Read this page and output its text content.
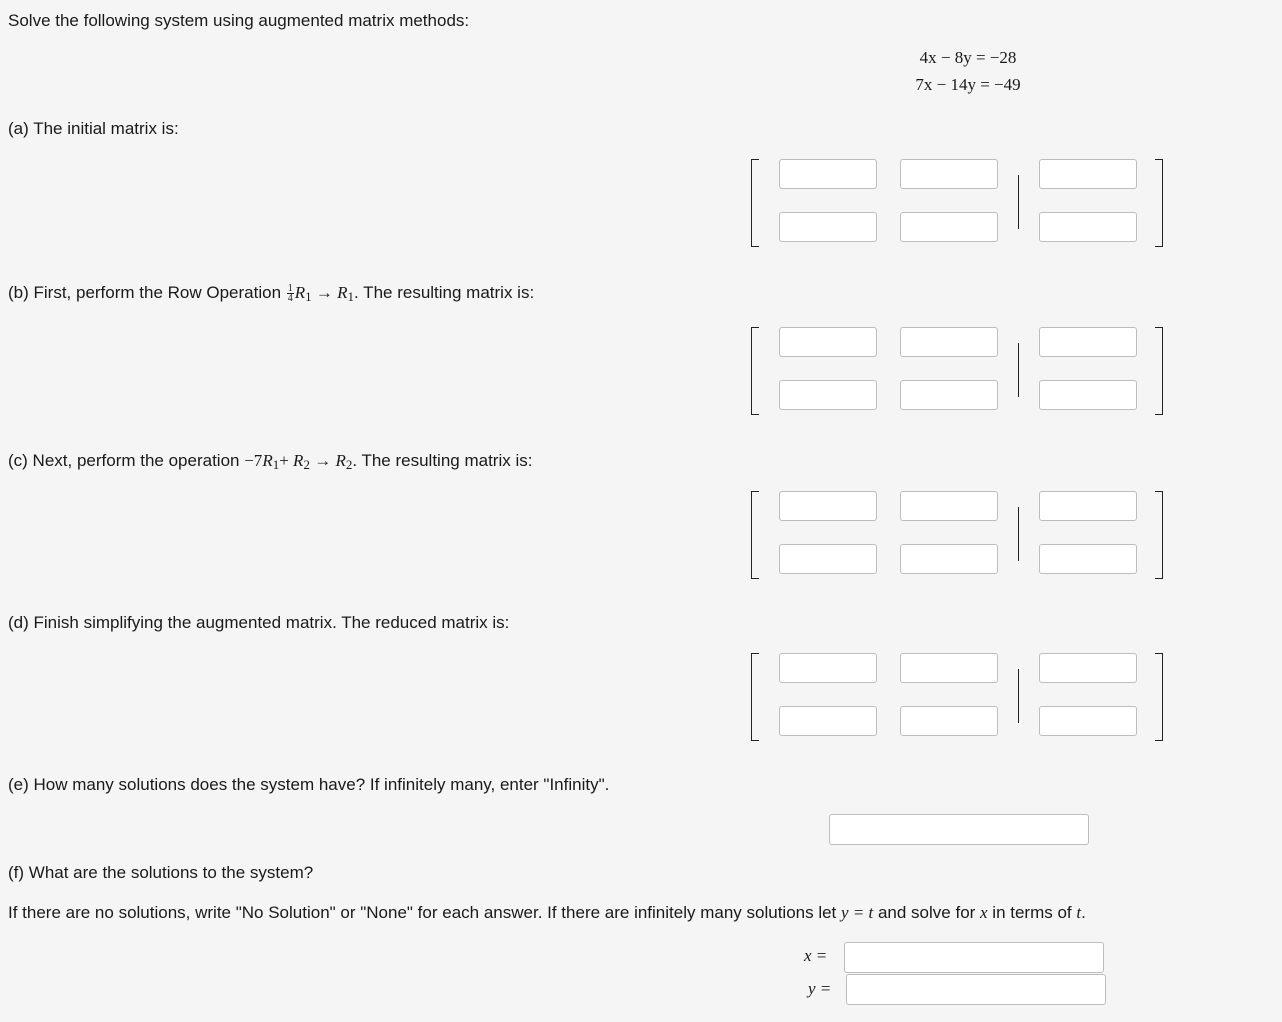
Solve the following system using augmented matrix methods:
4x − 8y = −28
7x − 14y = −49
(a) The initial matrix is:
(b) First, perform the Row Operation $\frac{1}{4} R1 \to R1$. The resulting matrix is:
(c) Next, perform the operation −7R1+ R2 → R2. The resulting matrix is:
(d) Finish simplifying the augmented matrix. The reduced matrix is:
(e) How many solutions does the system have? If infinitely many, enter "Infinity".
(f) What are the solutions to the system?
If there are no solutions, write "No Solution" or "None" for each answer. If there are infinitely many solutions let y = t and solve for x in terms of t.
x =
y =
